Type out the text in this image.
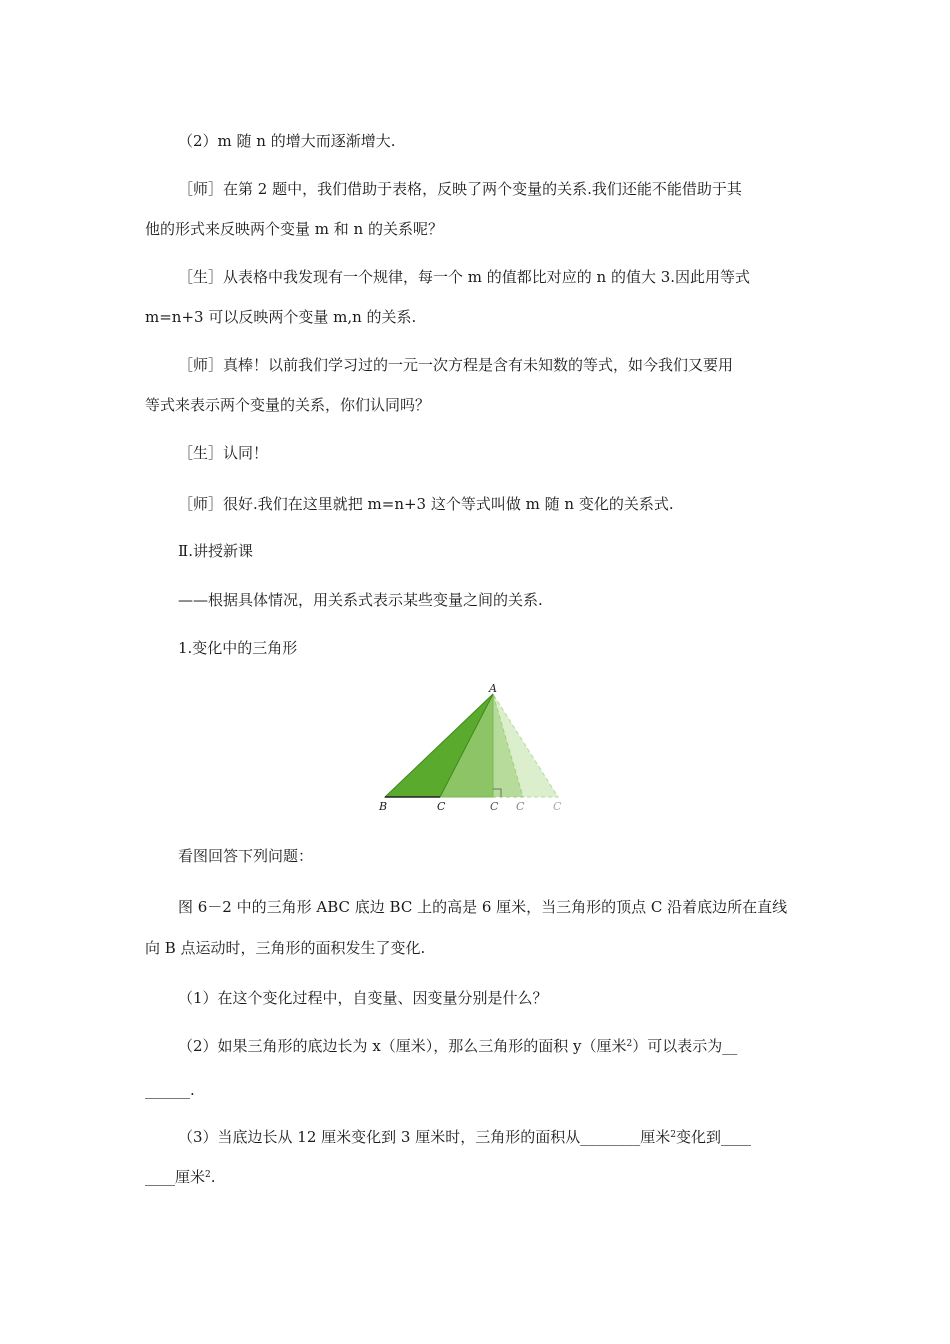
（2）m 随 n 的增大而逐渐增大.
［师］在第 2 题中，我们借助于表格，反映了两个变量的关系.我们还能不能借助于其
他的形式来反映两个变量 m 和 n 的关系呢？
［生］从表格中我发现有一个规律，每一个 m 的值都比对应的 n 的值大 3.因此用等式
m=n+3 可以反映两个变量 m,n 的关系.
［师］真棒！以前我们学习过的一元一次方程是含有未知数的等式，如今我们又要用
等式来表示两个变量的关系，你们认同吗？
［生］认同！
［师］很好.我们在这里就把 m=n+3 这个等式叫做 m 随 n 变化的关系式.
Ⅱ.讲授新课
——根据具体情况，用关系式表示某些变量之间的关系.
1.变化中的三角形
A
B	C	C C	C
看图回答下列问题：
图 6－2 中的三角形 ABC 底边 BC 上的高是 6 厘米，当三角形的顶点 C 沿着底边所在直线
向 B 点运动时，三角形的面积发生了变化.
（1）在这个变化过程中，自变量、因变量分别是什么？
（2）如果三角形的底边长为 x（厘米），那么三角形的面积 y（厘米$^2$）可以表示为__
______.
（3）当底边长从 12 厘米变化到 3 厘米时，三角形的面积从________厘米$^2$变化到____
____厘米$^2$.
